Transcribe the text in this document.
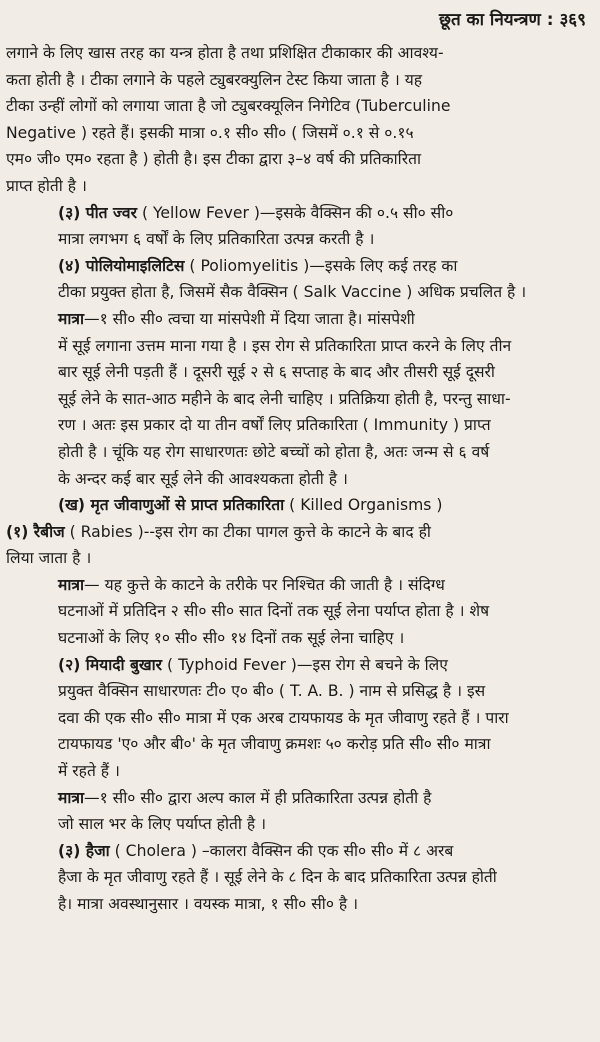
छूत का नियन्त्रण : ३६९
लगाने के लिए खास तरह का यन्त्र होता है तथा प्रशिक्षित टीकाकार की आवश्य-
कता होती है । टीका लगाने के पहले ट्युबरक्युलिन टेस्ट किया जाता है । यह
टीका उन्हीं लोगों को लगाया जाता है जो ट्युबरक्यूलिन निगेटिव (Tuberculine
Negative ) रहते हैं। इसकी मात्रा ०.१ सी० सी० ( जिसमें ०.१ से ०.१५
एम० जी० एम० रहता है ) होती है। इस टीका द्वारा ३–४ वर्ष की प्रतिकारिता
प्राप्त होती है ।
(३) पीत ज्वर ( Yellow Fever )—इसके वैक्सिन की ०.५ सी० सी०
मात्रा लगभग ६ वर्षों के लिए प्रतिकारिता उत्पन्न करती है ।
(४) पोलियोमाइलिटिस ( Poliomyelitis )—इसके लिए कई तरह का
टीका प्रयुक्त होता है, जिसमें सैक वैक्सिन ( Salk Vaccine ) अधिक प्रचलित है ।
मात्रा—१ सी० सी० त्वचा या मांसपेशी में दिया जाता है। मांसपेशी
में सूई लगाना उत्तम माना गया है । इस रोग से प्रतिकारिता प्राप्त करने के लिए तीन
बार सूई लेनी पड़ती हैं । दूसरी सूई २ से ६ सप्ताह के बाद और तीसरी सूई दूसरी
सूई लेने के सात-आठ महीने के बाद लेनी चाहिए । प्रतिक्रिया होती है, परन्तु साधा-
रण । अतः इस प्रकार दो या तीन वर्षों लिए प्रतिकारिता ( Immunity ) प्राप्त
होती है । चूंकि यह रोग साधारणतः छोटे बच्चों को होता है, अतः जन्म से ६ वर्ष
के अन्दर कई बार सूई लेने की आवश्यकता होती है ।
(ख) मृत जीवाणुओं से प्राप्त प्रतिकारिता ( Killed Organisms )
(१) रैबीज ( Rabies )--इस रोग का टीका पागल कुत्ते के काटने के बाद ही
लिया जाता है ।
मात्रा— यह कुत्ते के काटने के तरीके पर निश्चित की जाती है । संदिग्ध
घटनाओं में प्रतिदिन २ सी० सी० सात दिनों तक सूई लेना पर्याप्त होता है । शेष
घटनाओं के लिए १० सी० सी० १४ दिनों तक सूई लेना चाहिए ।
(२) मियादी बुखार ( Typhoid Fever )—इस रोग से बचने के लिए
प्रयुक्त वैक्सिन साधारणतः टी० ए० बी० ( T. A. B. ) नाम से प्रसिद्ध है । इस
दवा की एक सी० सी० मात्रा में एक अरब टायफायड के मृत जीवाणु रहते हैं । पारा
टायफायड 'ए० और बी०' के मृत जीवाणु क्रमशः ५० करोड़ प्रति सी० सी० मात्रा
में रहते हैं ।
मात्रा—१ सी० सी० द्वारा अल्प काल में ही प्रतिकारिता उत्पन्न होती है
जो साल भर के लिए पर्याप्त होती है ।
(३) हैजा ( Cholera ) –कालरा वैक्सिन की एक सी० सी० में ८ अरब
हैजा के मृत जीवाणु रहते हैं । सूई लेने के ८ दिन के बाद प्रतिकारिता उत्पन्न होती
है। मात्रा अवस्थानुसार । वयस्क मात्रा, १ सी० सी० है ।
